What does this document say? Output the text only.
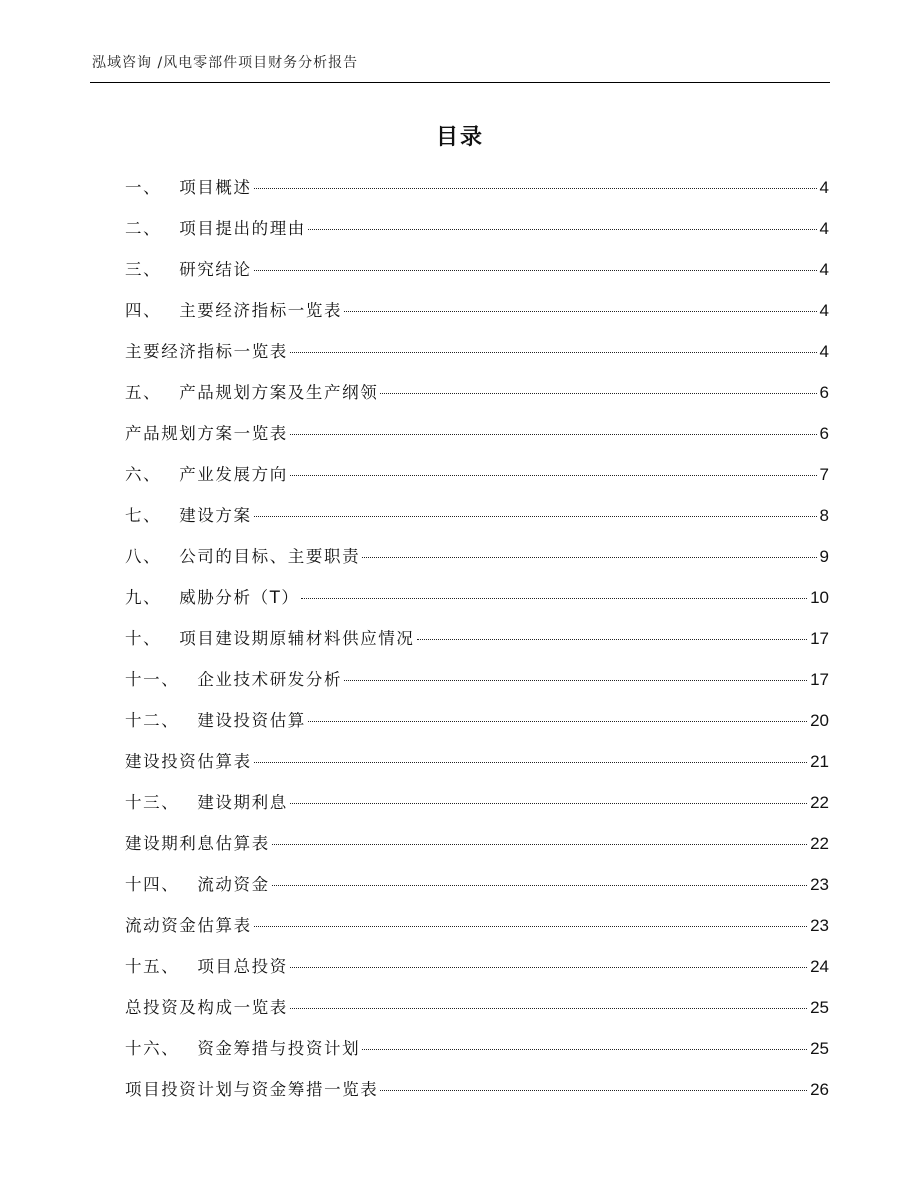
泓域咨询 /风电零部件项目财务分析报告
目录
一、	项目概述	4
二、	项目提出的理由	4
三、	研究结论	4
四、	主要经济指标一览表	4
主要经济指标一览表	4
五、	产品规划方案及生产纲领	6
产品规划方案一览表	6
六、	产业发展方向	7
七、	建设方案	8
八、	公司的目标、主要职责	9
九、	威胁分析（T）	10
十、	项目建设期原辅材料供应情况	17
十一、	企业技术研发分析	17
十二、	建设投资估算	20
建设投资估算表	21
十三、	建设期利息	22
建设期利息估算表	22
十四、	流动资金	23
流动资金估算表	23
十五、	项目总投资	24
总投资及构成一览表	25
十六、	资金筹措与投资计划	25
项目投资计划与资金筹措一览表	26
